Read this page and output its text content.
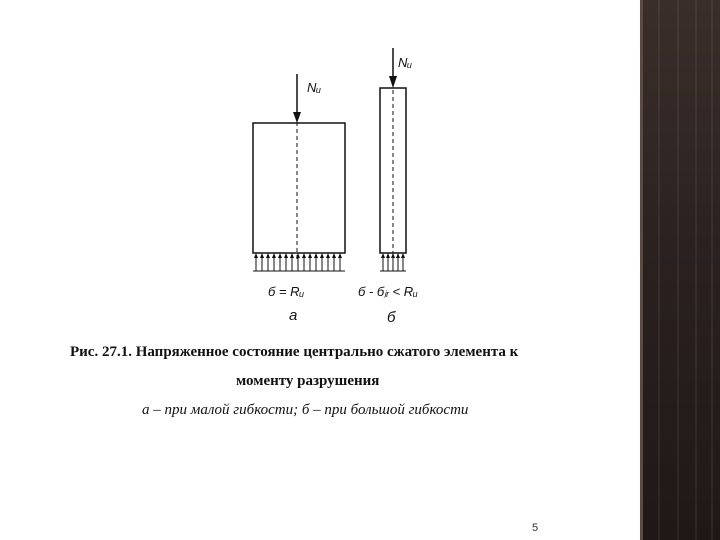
Nᵤ
б = Rᵤ
а
Nᵤ
б ‑ бⱼᵣ < Rᵤ
б
Рис. 27.1. Напряженное состояние центрально сжатого элемента к
моменту разрушения
а – при малой гибкости; б – при большой гибкости
5
